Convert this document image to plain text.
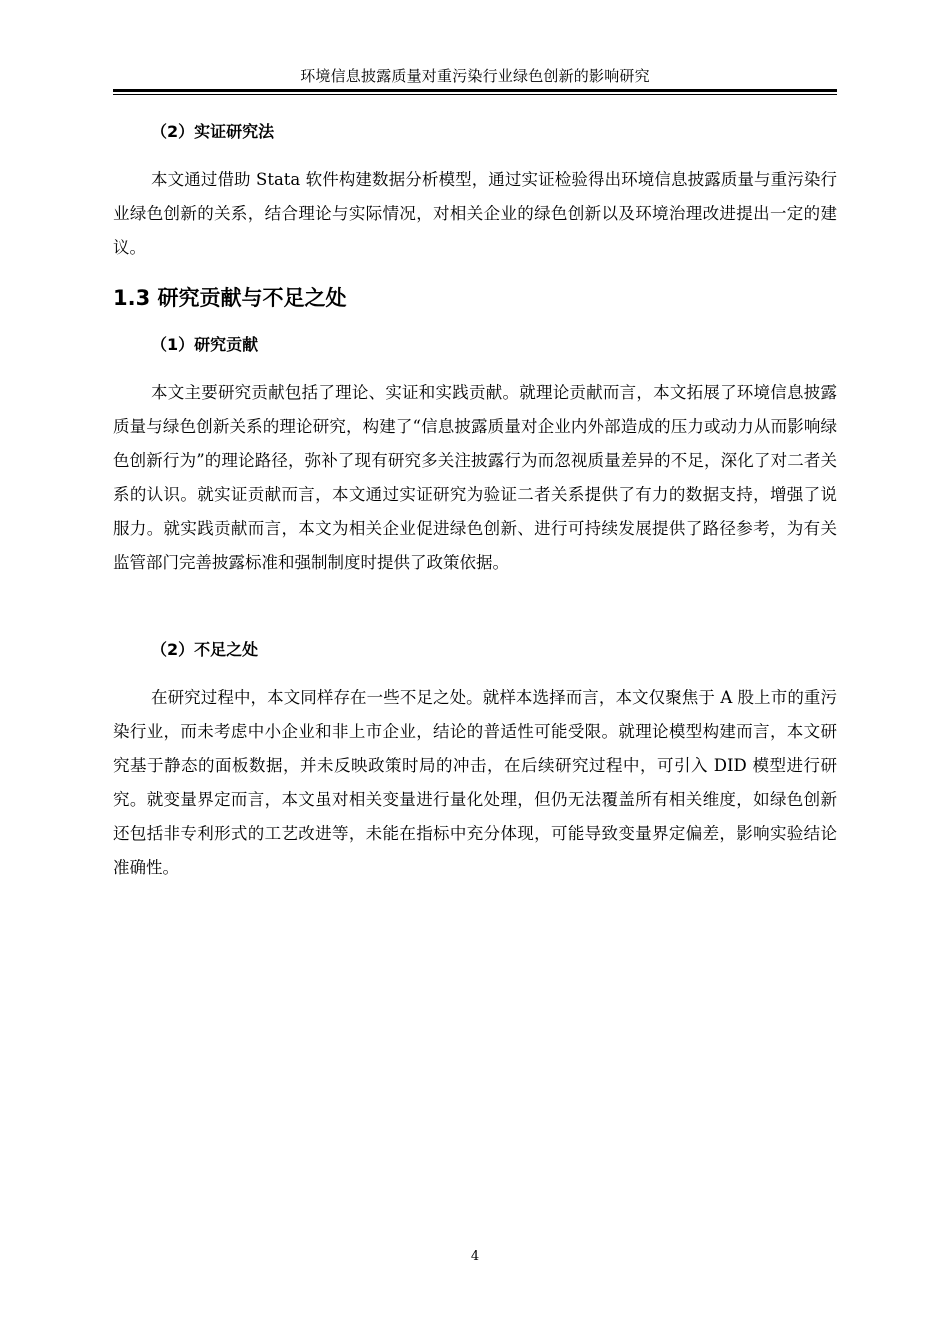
环境信息披露质量对重污染行业绿色创新的影响研究
（2）实证研究法

本文通过借助 Stata 软件构建数据分析模型，通过实证检验得出环境信息披露质量与重污染行业绿色创新的关系，结合理论与实际情况，对相关企业的绿色创新以及环境治理改进提出一定的建议。

1.3 研究贡献与不足之处
（1）研究贡献

本文主要研究贡献包括了理论、实证和实践贡献。就理论贡献而言，本文拓展了环境信息披露质量与绿色创新关系的理论研究，构建了“信息披露质量对企业内外部造成的压力或动力从而影响绿色创新行为”的理论路径，弥补了现有研究多关注披露行为而忽视质量差异的不足，深化了对二者关系的认识。就实证贡献而言，本文通过实证研究为验证二者关系提供了有力的数据支持，增强了说服力。就实践贡献而言，本文为相关企业促进绿色创新、进行可持续发展提供了路径参考，为有关监管部门完善披露标准和强制制度时提供了政策依据。

（2）不足之处

在研究过程中，本文同样存在一些不足之处。就样本选择而言，本文仅聚焦于 A 股上市的重污染行业，而未考虑中小企业和非上市企业，结论的普适性可能受限。就理论模型构建而言，本文研究基于静态的面板数据，并未反映政策时局的冲击，在后续研究过程中，可引入 DID 模型进行研究。就变量界定而言，本文虽对相关变量进行量化处理，但仍无法覆盖所有相关维度，如绿色创新还包括非专利形式的工艺改进等，未能在指标中充分体现，可能导致变量界定偏差，影响实验结论准确性。

4
